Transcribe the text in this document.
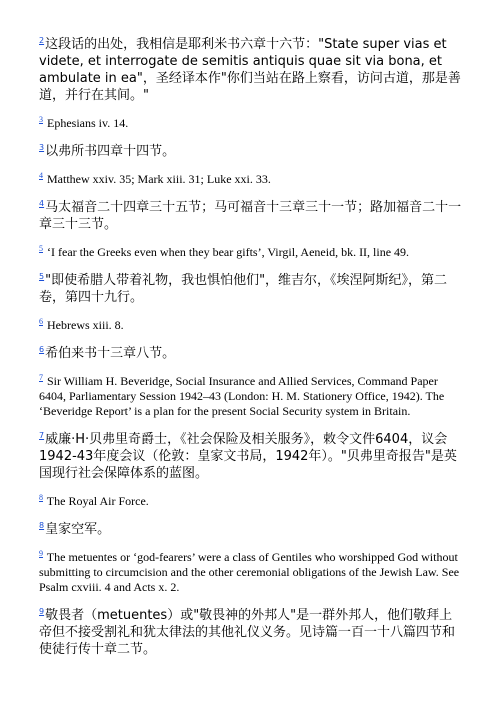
$^2$这段话的出处，我相信是耶利米书六章十六节："State super vias et videte, et interrogate de semitis antiquis quae sit via bona, et ambulate in ea"，圣经译本作"你们当站在路上察看，访问古道，那是善道，并行在其间。"

$^3$ Ephesians iv. 14.

$^3$以弗所书四章十四节。

$^4$ Matthew xxiv. 35; Mark xiii. 31; Luke xxi. 33.

$^4$马太福音二十四章三十五节；马可福音十三章三十一节；路加福音二十一章三十三节。

$^5$ ‘I fear the Greeks even when they bear gifts’, Virgil, Aeneid, bk. II, line 49.

$^5$"即使希腊人带着礼物，我也惧怕他们"，维吉尔，《埃涅阿斯纪》，第二卷，第四十九行。

$^6$ Hebrews xiii. 8.

$^6$希伯来书十三章八节。

$^7$ Sir William H. Beveridge, Social Insurance and Allied Services, Command Paper 6404, Parliamentary Session 1942–43 (London: H. M. Stationery Office, 1942). The ‘Beveridge Report’ is a plan for the present Social Security system in Britain.

$^7$威廉·H·贝弗里奇爵士，《社会保险及相关服务》，敕令文件6404，议会1942-43年度会议（伦敦：皇家文书局，1942年）。"贝弗里奇报告"是英国现行社会保障体系的蓝图。

$^8$ The Royal Air Force.

$^8$皇家空军。

$^9$ The metuentes or ‘god-fearers’ were a class of Gentiles who worshipped God without submitting to circumcision and the other ceremonial obligations of the Jewish Law. See Psalm cxviii. 4 and Acts x. 2.

$^9$敬畏者（metuentes）或"敬畏神的外邦人"是一群外邦人，他们敬拜上帝但不接受割礼和犹太律法的其他礼仪义务。见诗篇一百一十八篇四节和使徒行传十章二节。
